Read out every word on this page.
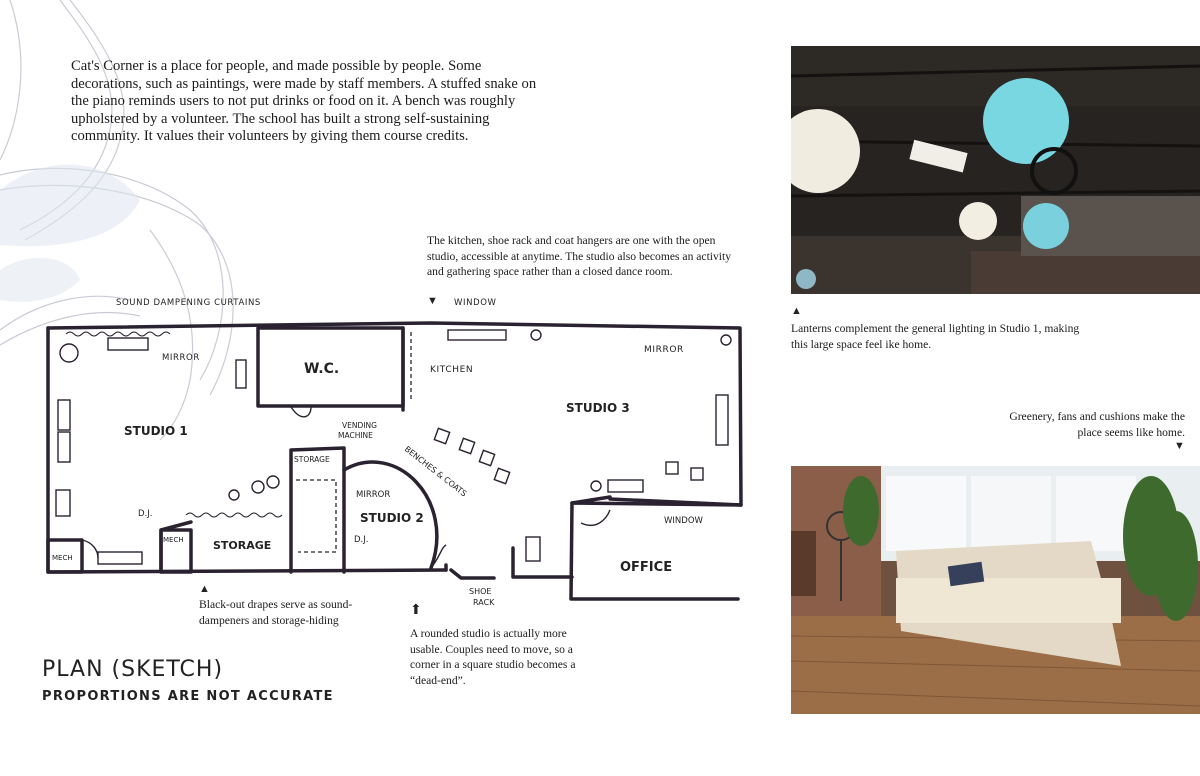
Cat's Corner is a place for people, and made possible by people. Some decorations, such as paintings, were made by staff members. A stuffed snake on the piano reminds users to not put drinks or food on it. A bench was roughly upholstered by a volunteer. The school has built a strong self-sustaining community. It values their volunteers by giving them course credits.

The kitchen, shoe rack and coat hangers are one with the open studio, accessible at anytime. The studio also becomes an activity and gathering space rather than a closed dance room.

▼
▲

Lanterns complement the general lighting in Studio 1, making this large space feel ike home.

Greenery, fans and cushions make the place seems like home.

▼
SOUND DAMPENING CURTAINS	WINDOW
MIRROR
W.C.	KITCHEN
MIRROR
STUDIO 1
STUDIO 3
VENDING
MACHINE
BENCHES & COATS
STORAGE
MIRROR
STUDIO 2
D.J.
D.J.
MECH
MECH	STORAGE
OFFICE
WINDOW
SHOE
RACK
▲

Black-out drapes serve as sound-dampeners and storage-hiding

⬆

A rounded studio is actually more usable. Couples need to move, so a corner in a square studio becomes a “dead-end”.

PLAN (SKETCH)
PROPORTIONS ARE NOT ACCURATE
